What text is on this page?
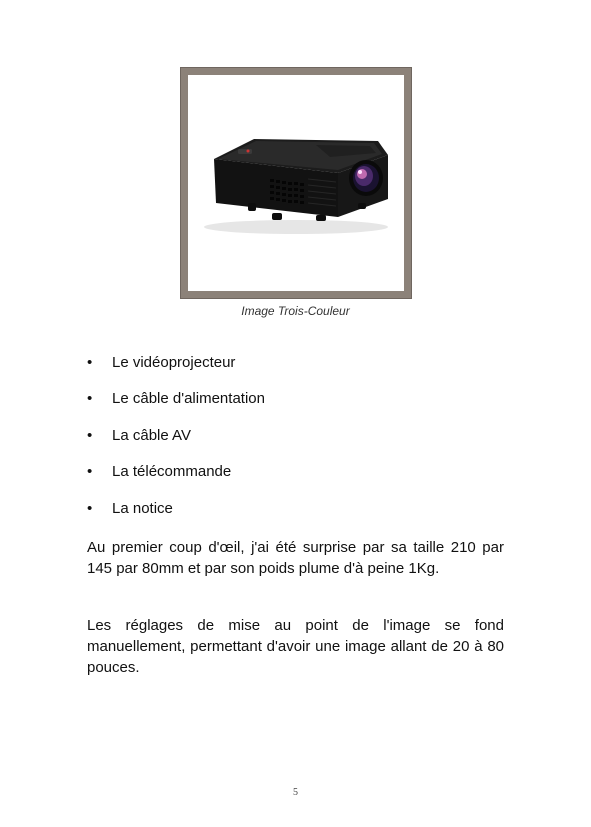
Image Trois-Couleur
• Le vidéoprojecteur
• Le câble d'alimentation
• La câble AV
• La télécommande
• La notice

Au premier coup d'œil, j'ai été surprise par sa taille 210 par 145 par 80mm et par son poids plume d'à peine 1Kg.

Les réglages de mise au point de l'image se fond manuellement, permettant d'avoir une image allant de 20 à 80 pouces.

5
